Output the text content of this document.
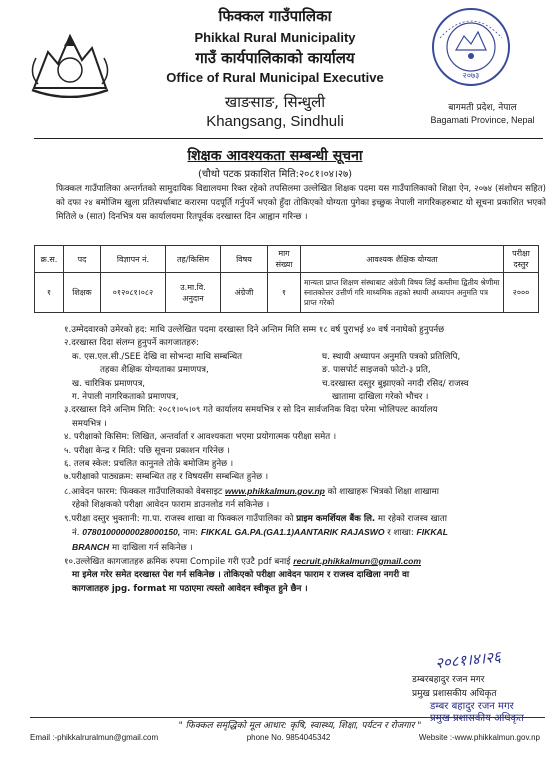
फिक्कल गाउँपालिका
Phikkal Rural Municipality
गाउँ कार्यपालिकाको कार्यालय
Office of Rural Municipal Executive
खाङसाङ, सिन्धुली
Khangsang, Sindhuli
२०७३
बागमती प्रदेश, नेपाल
Bagamati Province, Nepal
शिक्षक आवश्यकता सम्बन्धी सूचना
(चौथो पटक प्रकाशित मिति:२०८१।०४।२७)
फिक्कल गाउँपालिका अन्तर्गतको सामुदायिक विद्यालयमा रिक्त रहेको तपसिलमा उल्लेखित शिक्षक पदमा यस गाउँपालिकाको शिक्षा ऐन, २०७४ (संशोधन सहित) को दफा २४ बमोजिम खुला प्रतिस्पर्धाबाट करारमा पदपूर्ति गर्नुपर्ने भएको हुँदा तोकिएको योग्यता पुगेका इच्छुक नेपाली नागरिकहरुबाट यो सूचना प्रकाशित भएको मितिले ७ (सात) दिनभित्र यस कार्यालयमा रितपूर्वक दरखास्त दिन आह्वान गरिन्छ ।
क्र.स.	पद	विज्ञापन नं.	तह/किसिम	विषय	माग संख्या	आवश्यक शैक्षिक योग्यता	परीक्षा दस्तुर
१	शिक्षक	०१२०८१।०८२	उ.मा.वि. अनुदान	अंग्रेजी	१	मान्यता प्राप्त शिक्षण संस्थाबाट अंग्रेजी विषय लिई कम्तीमा द्वितीय श्रेणीमा स्नातकोत्तर उत्तीर्ण गरि माध्यमिक तहको स्थायी अध्यापन अनुमति पत्र प्राप्त गरेको	२०००
१.उम्मेदवारको उमेरको हद: माथि उल्लेखित पदमा दरखास्त दिने अन्तिम मिति सम्म १८ वर्ष पुराभई ४० वर्ष ननाघेको हुनुपर्नछ
२.दरखास्त दिदा संलग्न हुनुपर्ने कागजातहरु:
क. एस.एल.सी./SEE देखि वा सोभन्दा माथि सम्बन्धित	घ. स्थायी अध्यापन अनुमति पत्रको प्रतिलिपि,
तहका शैक्षिक योग्यताका प्रमाणपत्र,	ङ. पासपोर्ट साइजको फोटो-३ प्रति,
ख. चारित्रिक प्रमाणपत्र,	च.दरखास्त दस्तुर बुझाएको नगदी रसिद/ राजस्व
ग. नेपाली नागरिकताको प्रमाणपत्र,	खातामा दाखिला गरेको भौचर ।
३.दरखास्त दिने अन्तिम मिति: २०८१।०५।०९ गते कार्यालय समयभित्र र सो दिन सार्वजनिक विदा परेमा भोलिपल्ट कार्यालय
समयभित्र ।
४. परीक्षाको किसिम: लिखित, अन्तर्वार्ता र आवश्यकता भएमा प्रयोगात्मक परीक्षा समेत ।
५. परीक्षा केन्द्र र मिति: पछि सूचना प्रकाशन गरिनेछ ।
६. तलब स्केल: प्रचलित कानुनले तोके बमोजिम हुनेछ ।
७.परीक्षाको पाठ्यक्रम: सम्बन्धित तह र विषयसँग सम्बन्धित हुनेछ ।
८.आवेदन फारम: फिक्कल गाउँपालिकाको वेबसाइट www.phikkalmun.gov.np को शाखाहरू भित्रको शिक्षा शाखामा
रहेको शिक्षकको परीक्षा आवेदन फाराम डाउनलोड गर्न सकिनेछ ।
९.परीक्षा दस्तुर भुक्तानी: गा.पा. राजस्व शाखा वा फिक्कल गाउँपालिका को प्राइम कमर्शियल बैंक लि. मा रहेको राजस्व खाता
नं. 07801000000028000150, नाम: FIKKAL GA.PA.(GA1.1)AANTARIK RAJASWO र शाखा: FIKKAL
BRANCH मा दाखिला गर्न सकिनेछ ।
१०.उल्लेखित कागजातहरु क्रमिक रुपमा Compile गरी एउटै pdf बनाई recruit.phikkalmun@gmail.com
मा इमेल गरेर समेत दरखास्त पेश गर्न सकिनेछ । तोकिएको परीक्षा आवेदन फाराम र राजस्व दाखिला नगरी वा
कागजातहरु jpg. format मा पठाएमा त्यस्तो आवेदन स्वीकृत हुने छैन ।
२०८१।४।२६
डम्बरबहादुर रजन मगर
प्रमुख प्रशासकीय अधिकृत
डम्बर बहादुर रजन मगर
प्रमुख प्रशासकीय अधिकृत
" फिक्कल समृद्धिको मूल आधार: कृषि, स्वास्थ्य, शिक्षा, पर्यटन र रोजगार "
Email :-phikkalruralmun@gmail.com	phone No. 9854045342	Website :-www.phikkalmun.gov.np
